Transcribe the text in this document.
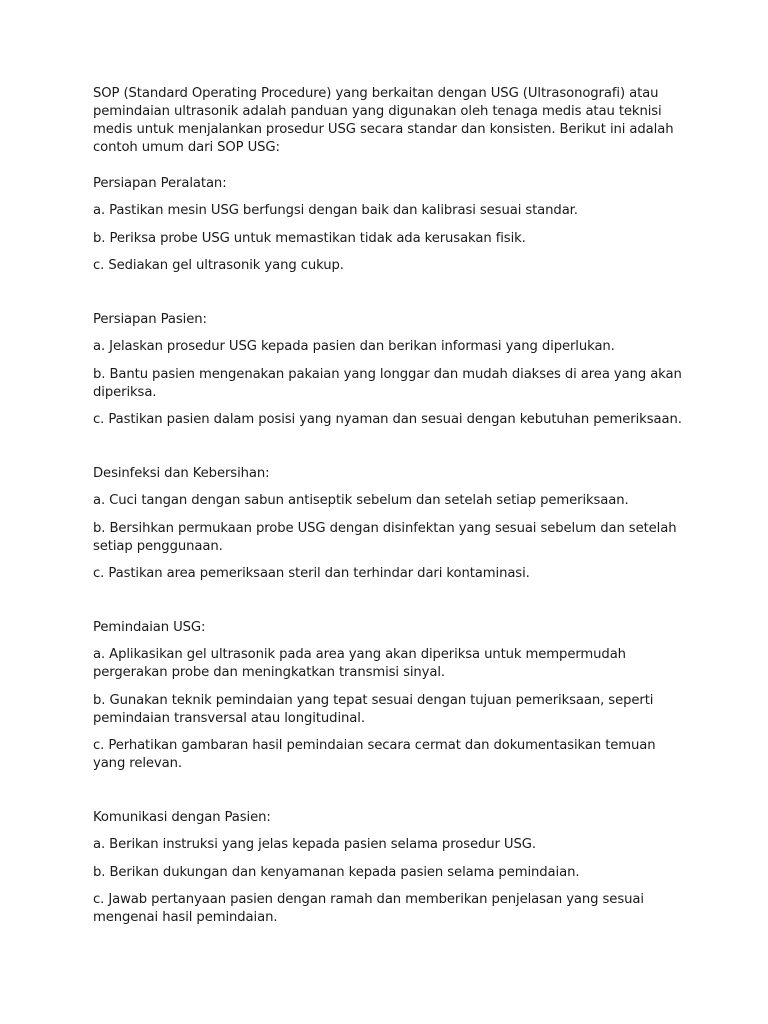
SOP (Standard Operating Procedure) yang berkaitan dengan USG (Ultrasonografi) atau pemindaian ultrasonik adalah panduan yang digunakan oleh tenaga medis atau teknisi medis untuk menjalankan prosedur USG secara standar dan konsisten. Berikut ini adalah contoh umum dari SOP USG:

Persiapan Peralatan:

a. Pastikan mesin USG berfungsi dengan baik dan kalibrasi sesuai standar.

b. Periksa probe USG untuk memastikan tidak ada kerusakan fisik.

c. Sediakan gel ultrasonik yang cukup.

Persiapan Pasien:

a. Jelaskan prosedur USG kepada pasien dan berikan informasi yang diperlukan.

b. Bantu pasien mengenakan pakaian yang longgar dan mudah diakses di area yang akan diperiksa.

c. Pastikan pasien dalam posisi yang nyaman dan sesuai dengan kebutuhan pemeriksaan.

Desinfeksi dan Kebersihan:

a. Cuci tangan dengan sabun antiseptik sebelum dan setelah setiap pemeriksaan.

b. Bersihkan permukaan probe USG dengan disinfektan yang sesuai sebelum dan setelah setiap penggunaan.

c. Pastikan area pemeriksaan steril dan terhindar dari kontaminasi.

Pemindaian USG:

a. Aplikasikan gel ultrasonik pada area yang akan diperiksa untuk mempermudah pergerakan probe dan meningkatkan transmisi sinyal.

b. Gunakan teknik pemindaian yang tepat sesuai dengan tujuan pemeriksaan, seperti pemindaian transversal atau longitudinal.

c. Perhatikan gambaran hasil pemindaian secara cermat dan dokumentasikan temuan yang relevan.

Komunikasi dengan Pasien:

a. Berikan instruksi yang jelas kepada pasien selama prosedur USG.

b. Berikan dukungan dan kenyamanan kepada pasien selama pemindaian.

c. Jawab pertanyaan pasien dengan ramah dan memberikan penjelasan yang sesuai mengenai hasil pemindaian.
